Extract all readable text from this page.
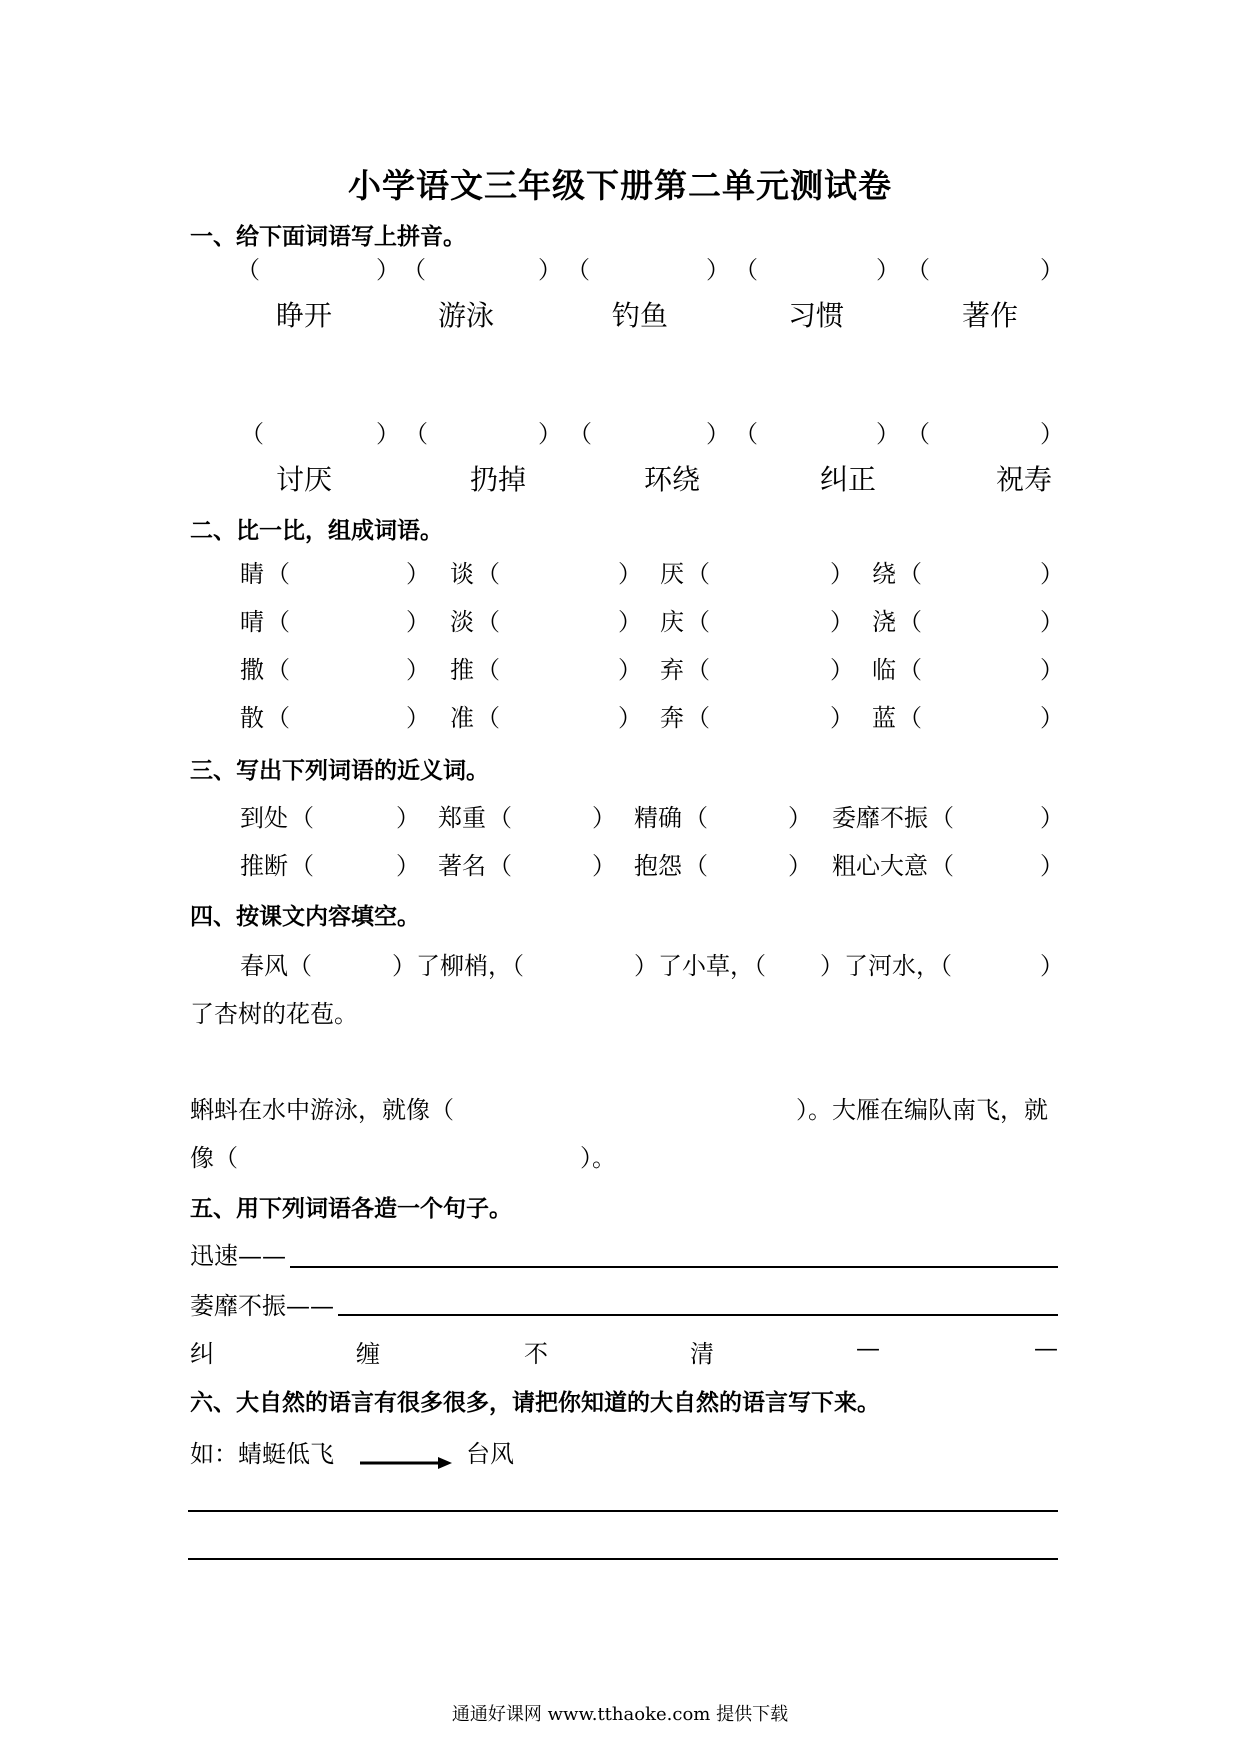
小学语文三年级下册第二单元测试卷
一、给下面词语写上拼音。
（	） （	） （	） （	） （	）
睁开	游泳	钓鱼	习惯	著作
（	） （	） （	） （	） （	）
讨厌	扔掉	环绕	纠正	祝寿
二、比一比，组成词语。
睛 （	） 谈 （	） 厌 （	） 绕 （	）
晴 （	） 淡 （	） 庆 （	） 浇 （	）
撒 （	） 推 （	） 弃 （	） 临 （	）
散 （	） 准 （	） 奔 （	） 蓝 （	）
三、写出下列词语的近义词。
到处 （	） 郑重 （	） 精确 （	） 委靡不振 （	）
推断 （	） 著名 （	） 抱怨 （	） 粗心大意 （	）
四、按课文内容填空。
春风（	）了柳梢，（	）了小草，（ ）了河水，（	）
了杏树的花苞。
蝌蚪在水中游泳，就像（	）。大雁在编队南飞，就
像（	）。
五、用下列词语各造一个句子。
迅速——
萎靡不振——
纠	缠	不	清	—	—
六、大自然的语言有很多很多，请把你知道的大自然的语言写下来。
如：蜻蜓低飞	台风
通通好课网 www.tthaoke.com 提供下载
